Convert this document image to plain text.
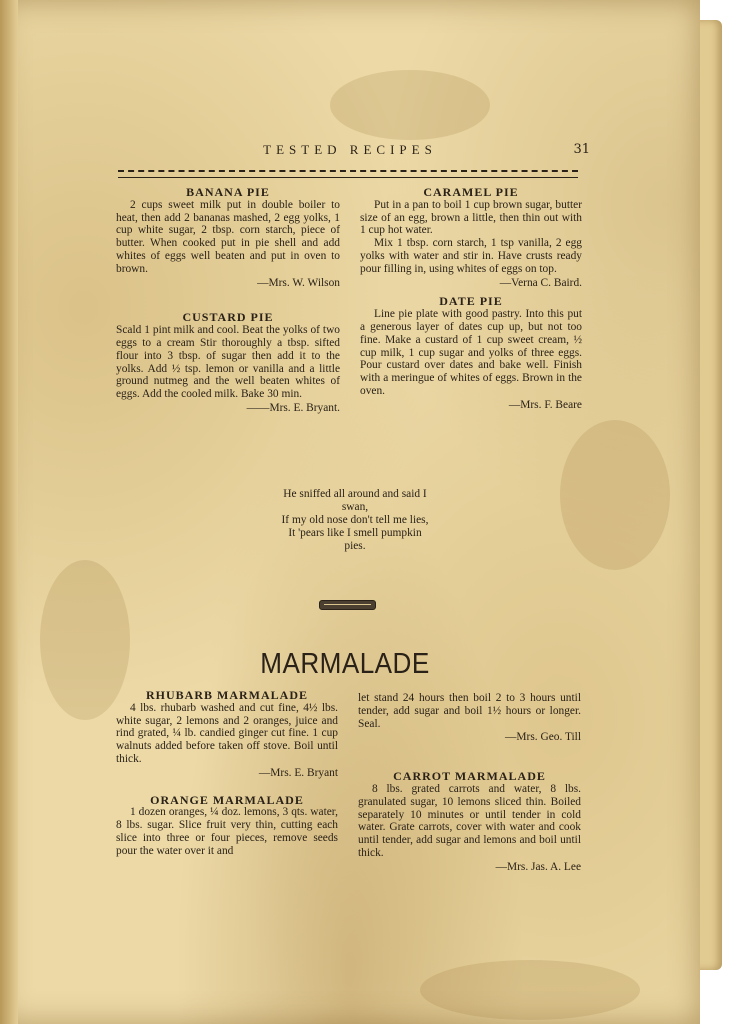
TESTED RECIPES	31

BANANA PIE

2 cups sweet milk put in double boiler to heat, then add 2 bananas mashed, 2 egg yolks, 1 cup white sugar, 2 tbsp. corn starch, piece of butter. When cooked put in pie shell and add whites of eggs well beaten and put in oven to brown.

—Mrs. W. Wilson

CUSTARD PIE

Scald 1 pint milk and cool. Beat the yolks of two eggs to a cream Stir thoroughly a tbsp. sifted flour into 3 tbsp. of sugar then add it to the yolks. Add ½ tsp. lemon or vanilla and a little ground nutmeg and the well beaten whites of eggs. Add the cooled milk. Bake 30 min.

——Mrs. E. Bryant.

CARAMEL PIE

Put in a pan to boil 1 cup brown sugar, butter size of an egg, brown a little, then thin out with 1 cup hot water.

Mix 1 tbsp. corn starch, 1 tsp vanilla, 2 egg yolks with water and stir in. Have crusts ready pour filling in, using whites of eggs on top.

—Verna C. Baird.

DATE PIE

Line pie plate with good pastry. Into this put a generous layer of dates cup up, but not too fine. Make a custard of 1 cup sweet cream, ½ cup milk, 1 cup sugar and yolks of three eggs. Pour custard over dates and bake well. Finish with a meringue of whites of eggs. Brown in the oven.

—Mrs. F. Beare

He sniffed all around and said I
swan,
If my old nose don't tell me lies,
It 'pears like I smell pumpkin
pies.
MARMALADE

RHUBARB MARMALADE

4 lbs. rhubarb washed and cut fine, 4½ lbs. white sugar, 2 lemons and 2 oranges, juice and rind grated, ¼ lb. candied ginger cut fine. 1 cup walnuts added before taken off stove. Boil until thick.

—Mrs. E. Bryant

ORANGE MARMALADE

1 dozen oranges, ¼ doz. lemons, 3 qts. water, 8 lbs. sugar. Slice fruit very thin, cutting each slice into three or four pieces, remove seeds pour the water over it and

let stand 24 hours then boil 2 to 3 hours until tender, add sugar and boil 1½ hours or longer. Seal.

—Mrs. Geo. Till

CARROT MARMALADE

8 lbs. grated carrots and water, 8 lbs. granulated sugar, 10 lemons sliced thin. Boiled separately 10 minutes or until tender in cold water. Grate carrots, cover with water and cook until tender, add sugar and lemons and boil until thick.

—Mrs. Jas. A. Lee
